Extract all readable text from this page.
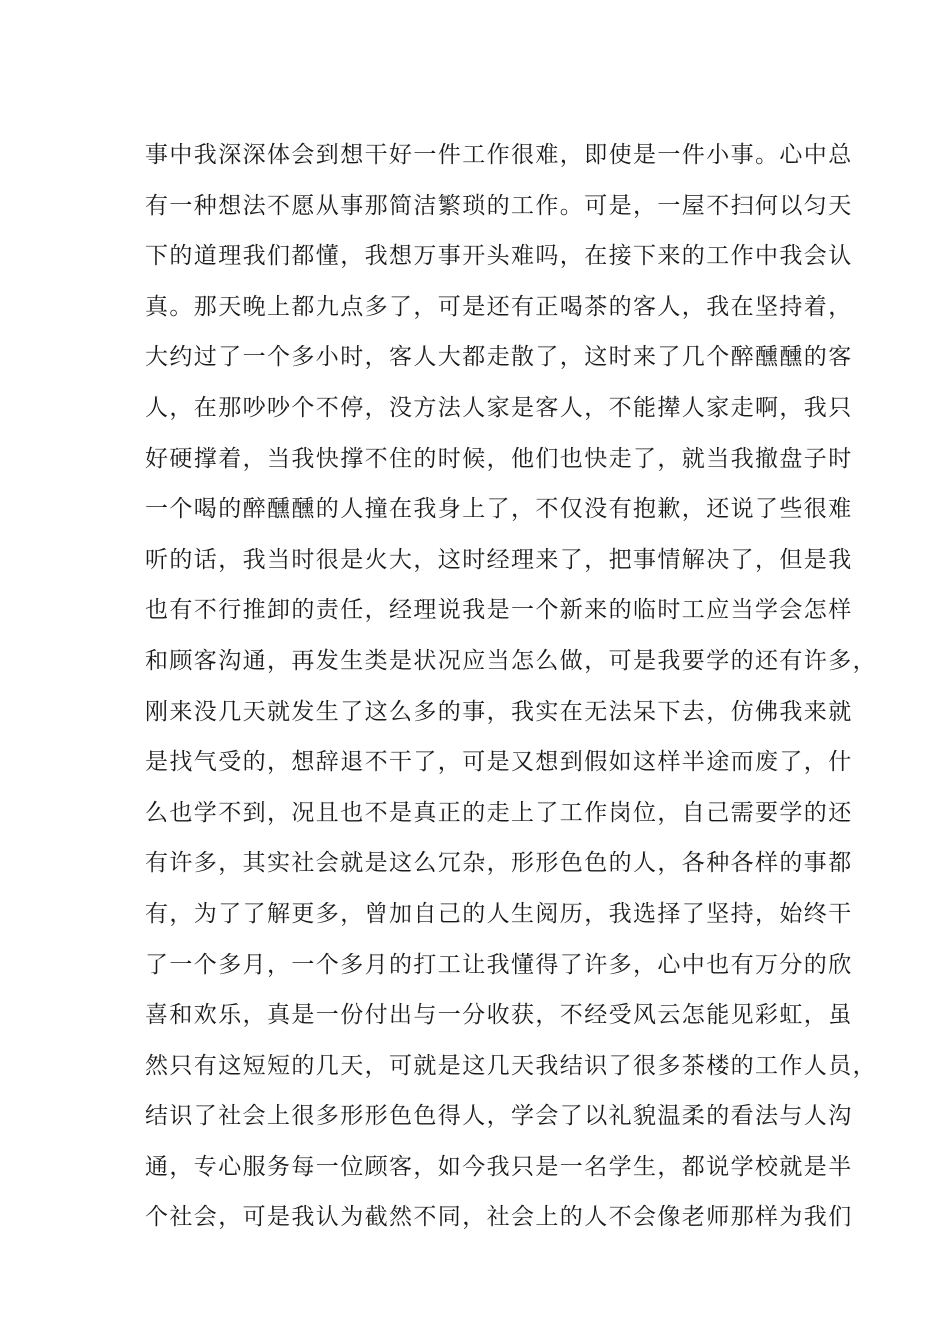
事中我深深体会到想干好一件工作很难，即使是一件小事。心中总
有一种想法不愿从事那简洁繁琐的工作。可是，一屋不扫何以匀天
下的道理我们都懂，我想万事开头难吗，在接下来的工作中我会认
真。那天晚上都九点多了，可是还有正喝茶的客人，我在坚持着，
大约过了一个多小时，客人大都走散了，这时来了几个醉醺醺的客
人，在那吵吵个不停，没方法人家是客人，不能撵人家走啊，我只
好硬撑着，当我快撑不住的时候，他们也快走了，就当我撤盘子时
一个喝的醉醺醺的人撞在我身上了，不仅没有抱歉，还说了些很难
听的话，我当时很是火大，这时经理来了，把事情解决了，但是我
也有不行推卸的责任，经理说我是一个新来的临时工应当学会怎样
和顾客沟通，再发生类是状况应当怎么做，可是我要学的还有许多，
刚来没几天就发生了这么多的事，我实在无法呆下去，仿佛我来就
是找气受的，想辞退不干了，可是又想到假如这样半途而废了，什
么也学不到，况且也不是真正的走上了工作岗位，自己需要学的还
有许多，其实社会就是这么冗杂，形形色色的人，各种各样的事都
有，为了了解更多，曾加自己的人生阅历，我选择了坚持，始终干
了一个多月，一个多月的打工让我懂得了许多，心中也有万分的欣
喜和欢乐，真是一份付出与一分收获，不经受风云怎能见彩虹，虽
然只有这短短的几天，可就是这几天我结识了很多茶楼的工作人员，
结识了社会上很多形形色色得人，学会了以礼貌温柔的看法与人沟
通，专心服务每一位顾客，如今我只是一名学生，都说学校就是半
个社会，可是我认为截然不同，社会上的人不会像老师那样为我们
